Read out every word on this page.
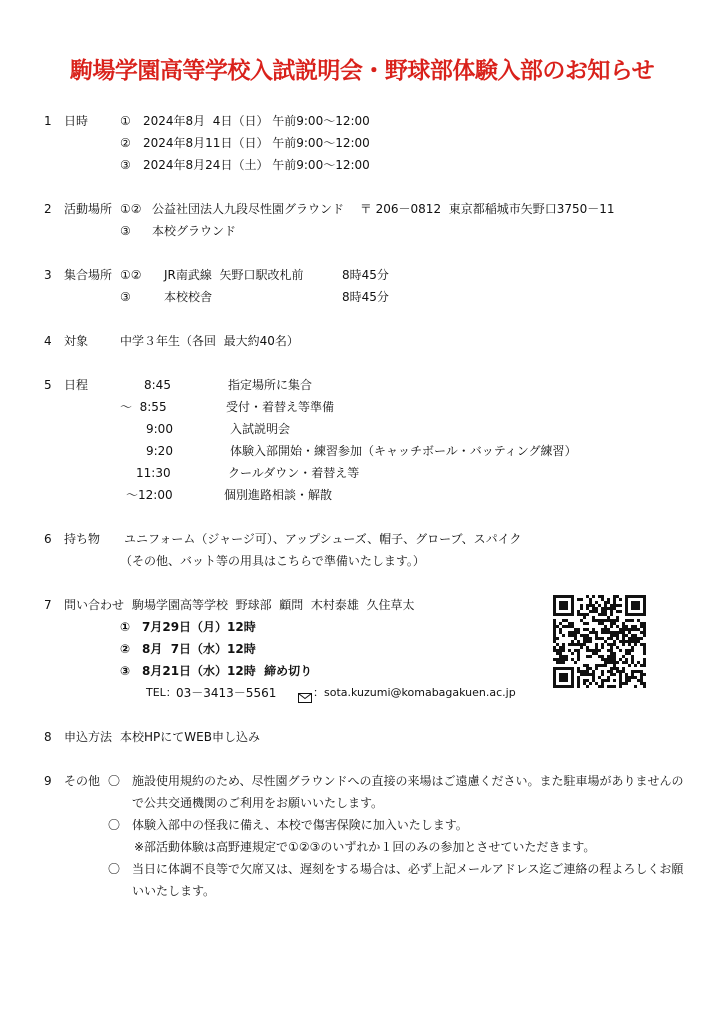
駒場学園高等学校入試説明会・野球部体験入部のお知らせ
1 日時	① 2024年8月  4日（日） 午前9:00～12:00
② 2024年8月11日（日） 午前9:00～12:00
③ 2024年8月24日（土） 午前9:00～12:00
2 活動場所 ①② 公益社団法人九段尽性園グラウンド　 〒 206－0812  東京都稲城市矢野口3750－11
③ 本校グラウンド
3 集合場所 ①② JR南武線  矢野口駅改札前	8時45分
③	本校校舎	8時45分
4 対象	中学３年生（各回  最大約40名）
5 日程	8:45	指定場所に集合
～  8:55	受付・着替え等準備
9:00	入試説明会
9:20	体験入部開始・練習参加（キャッチボール・バッティング練習）
11:30	クールダウン・着替え等
～12:00	個別進路相談・解散
6 持ち物 ユニフォーム（ジャージ可）、アップシューズ、帽子、グローブ、スパイク
（その他、バット等の用具はこちらで準備いたします。）
7 問い合わせ 駒場学園高等学校  野球部  顧問  木村泰雄  久住草太
① 7月29日（月）12時
② 8月  7日（水）12時
③ 8月21日（水）12時  締め切り
TEL： 03－3413－5561	：sota.kuzumi@komabagakuen.ac.jp
8 申込方法 本校HPにてWEB申し込み
9 その他 〇 施設使用規約のため、尽性園グラウンドへの直接の来場はご遠慮ください。また駐車場がありませんの
で公共交通機関のご利用をお願いいたします。
〇 体験入部中の怪我に備え、本校で傷害保険に加入いたします。
※部活動体験は高野連規定で①②③のいずれか１回のみの参加とさせていただきます。
〇 当日に体調不良等で欠席又は、遅刻をする場合は、必ず上記メールアドレス迄ご連絡の程よろしくお願
いいたします。
